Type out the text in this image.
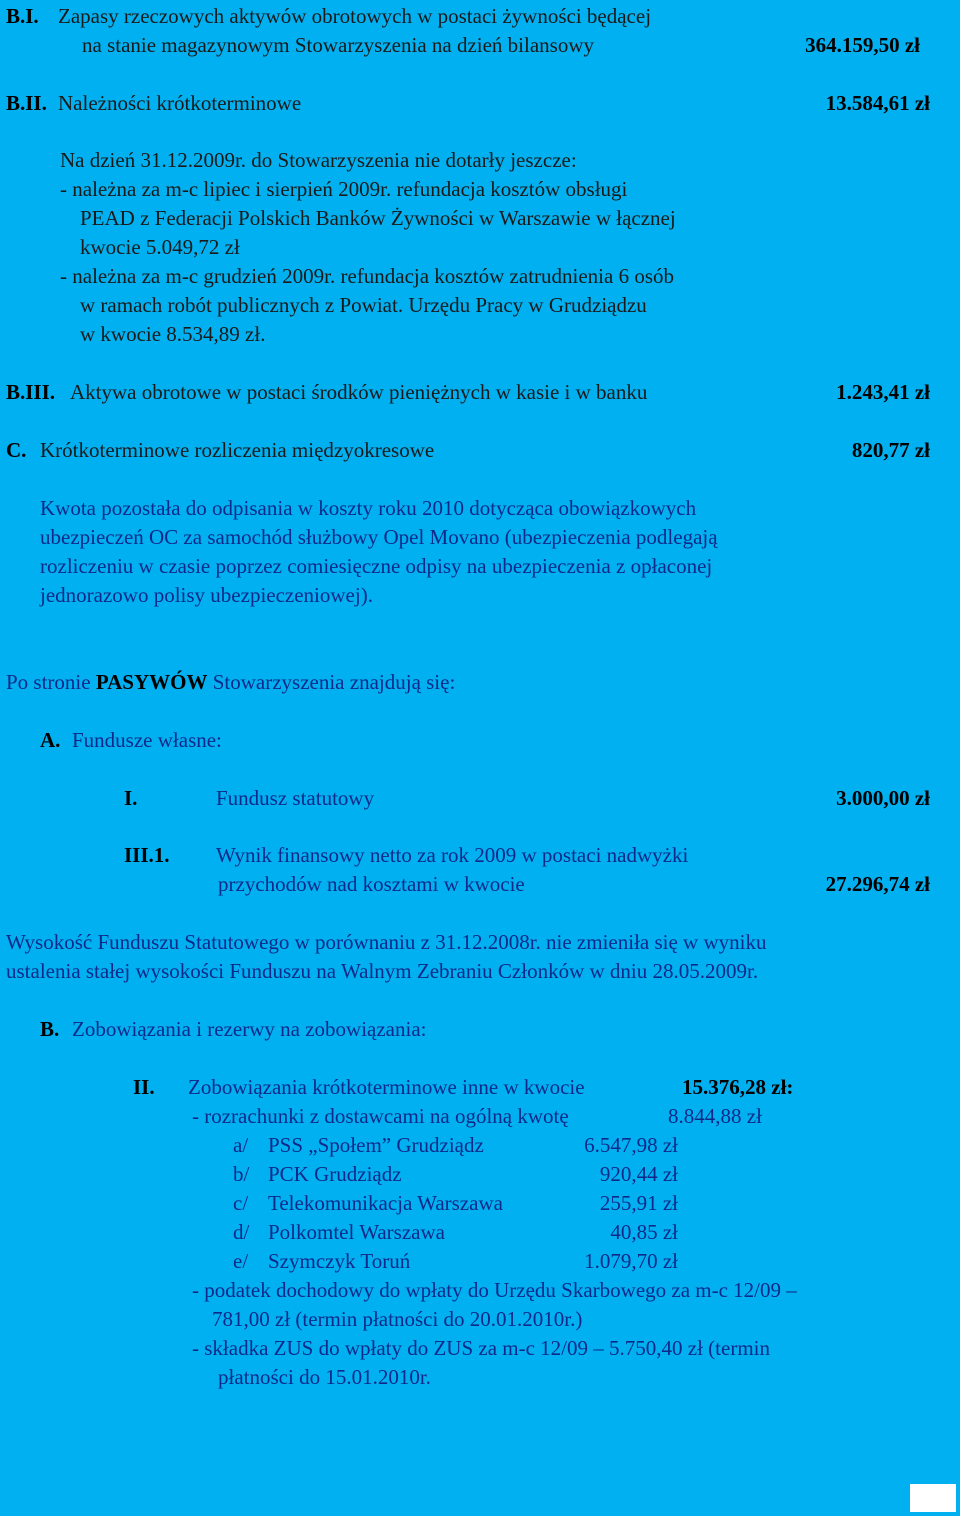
B.I. Zapasy rzeczowych aktywów obrotowych w postaci żywności będącej
na stanie magazynowym Stowarzyszenia na dzień bilansowy	364.159,50 zł
B.II. Należności krótkoterminowe	13.584,61 zł
Na dzień 31.12.2009r. do Stowarzyszenia nie dotarły jeszcze:
- należna za m-c lipiec i sierpień 2009r. refundacja kosztów obsługi
PEAD z Federacji Polskich Banków Żywności w Warszawie w łącznej
kwocie 5.049,72 zł
- należna za m-c grudzień 2009r. refundacja kosztów zatrudnienia 6 osób
w ramach robót publicznych z Powiat. Urzędu Pracy w Grudziądzu
w kwocie 8.534,89 zł.
B.III. Aktywa obrotowe w postaci środków pieniężnych w kasie i w banku	1.243,41 zł
C. Krótkoterminowe rozliczenia międzyokresowe	820,77 zł
Kwota pozostała do odpisania w koszty roku 2010 dotycząca obowiązkowych
ubezpieczeń OC za samochód służbowy Opel Movano (ubezpieczenia podlegają
rozliczeniu w czasie poprzez comiesięczne odpisy na ubezpieczenia z opłaconej
jednorazowo polisy ubezpieczeniowej).
Po stronie PASYWÓW Stowarzyszenia znajdują się:
A. Fundusze własne:
I.	Fundusz statutowy	3.000,00 zł
III.1. Wynik finansowy netto za rok 2009 w postaci nadwyżki
przychodów nad kosztami w kwocie	27.296,74 zł
Wysokość Funduszu Statutowego w porównaniu z 31.12.2008r. nie zmieniła się w wyniku
ustalenia stałej wysokości Funduszu na Walnym Zebraniu Członków w dniu 28.05.2009r.
B. Zobowiązania i rezerwy na zobowiązania:
II. Zobowiązania krótkoterminowe inne w kwocie	15.376,28 zł:
- rozrachunki z dostawcami na ogólną kwotę	8.844,88 zł
a/ PSS „Społem” Grudziądz	6.547,98 zł
b/ PCK Grudziądz	920,44 zł
c/ Telekomunikacja Warszawa	255,91 zł
d/ Polkomtel Warszawa	40,85 zł
e/ Szymczyk Toruń	1.079,70 zł
- podatek dochodowy do wpłaty do Urzędu Skarbowego za m-c 12/09 –
781,00 zł (termin płatności do 20.01.2010r.)
- składka ZUS do wpłaty do ZUS za m-c 12/09 – 5.750,40 zł (termin
płatności do 15.01.2010r.
